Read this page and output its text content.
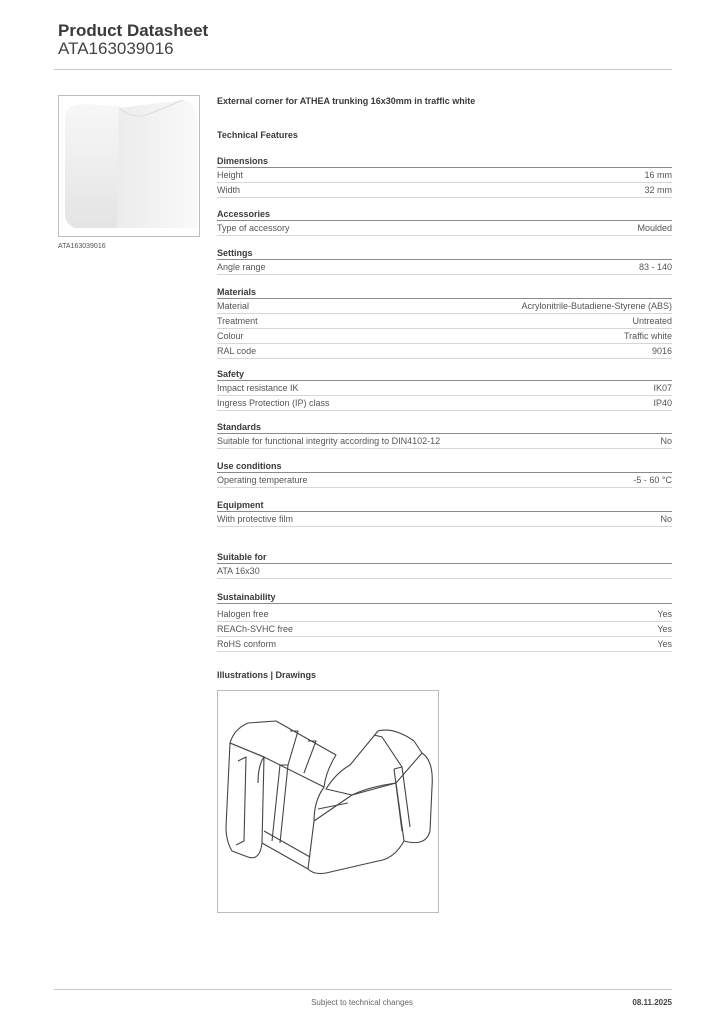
Product Datasheet
ATA163039016
ATA163039016
External corner for ATHEA trunking 16x30mm in traffic white
Technical Features
Dimensions
Height	16 mm
Width	32 mm
Accessories
Type of accessory	Moulded
Settings
Angle range	83 - 140
Materials
Material	Acrylonitrile-Butadiene-Styrene (ABS)
Treatment	Untreated
Colour	Traffic white
RAL code	9016
Safety
Impact resistance IK	IK07
Ingress Protection (IP) class	IP40
Standards
Suitable for functional integrity according to DIN4102-12	No
Use conditions
Operating temperature	-5 - 60 °C
Equipment
With protective film	No
Suitable for
ATA 16x30
Sustainability
Halogen free	Yes
REACh-SVHC free	Yes
RoHS conform	Yes
Illustrations | Drawings
Subject to technical changes	08.11.2025
